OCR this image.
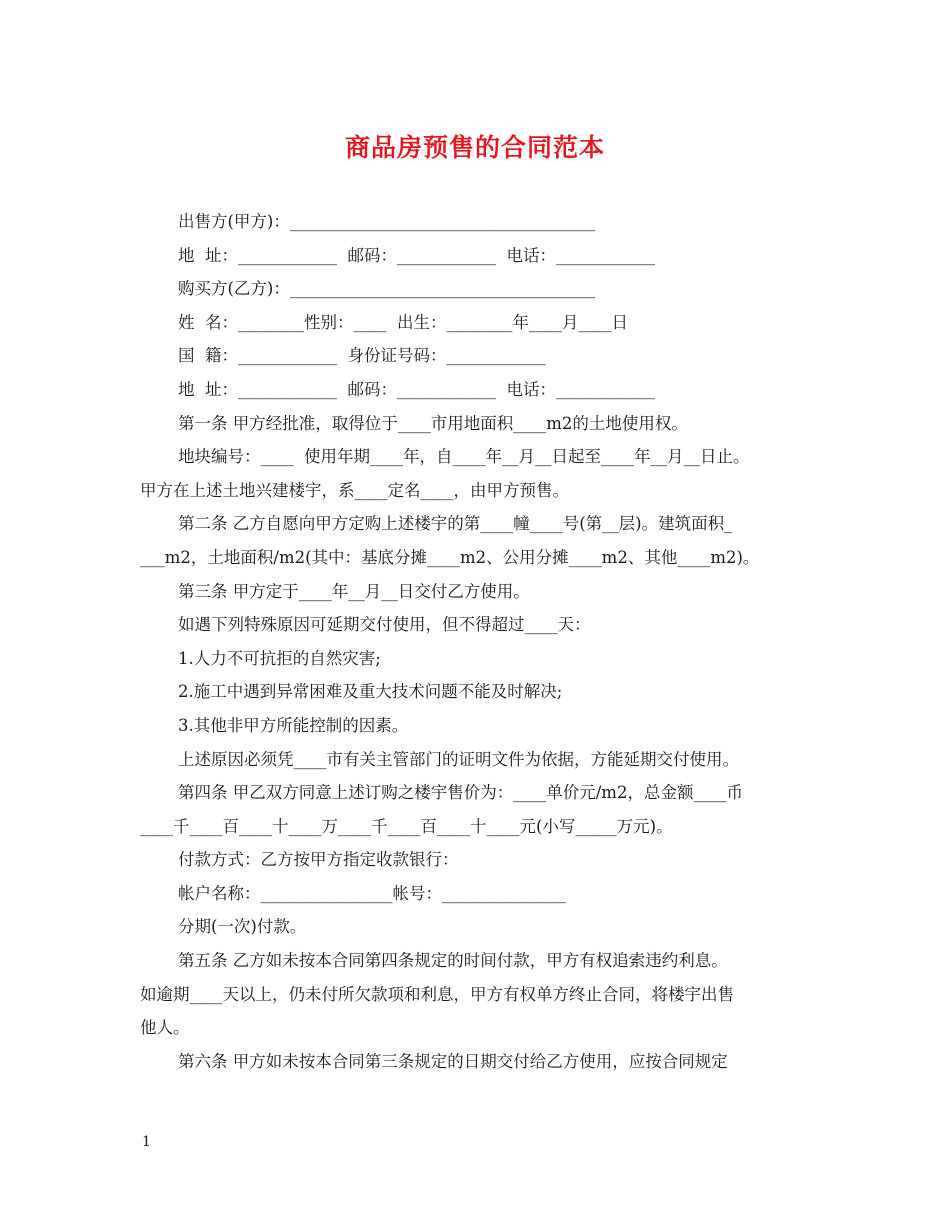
商品房预售的合同范本
出售方(甲方)：_____________________________________
地  址：____________  邮码：____________  电话：____________
购买方(乙方)：_____________________________________
姓  名：________性别：____  出生：________年____月____日
国  籍：____________  身份证号码：____________
地  址：____________  邮码：____________  电话：____________
第一条 甲方经批准，取得位于____市用地面积____m2的土地使用权。
地块编号：____  使用年期____年，自____年__月__日起至____年__月__日止。
甲方在上述土地兴建楼宇，系____定名____，由甲方预售。
第二条 乙方自愿向甲方定购上述楼宇的第____幢____号(第__层)。建筑面积_
___m2，土地面积/m2(其中：基底分摊____m2、公用分摊____m2、其他____m2)。
第三条 甲方定于____年__月__日交付乙方使用。
如遇下列特殊原因可延期交付使用，但不得超过____天：
1.人力不可抗拒的自然灾害;
2.施工中遇到异常困难及重大技术问题不能及时解决;
3.其他非甲方所能控制的因素。
上述原因必须凭____市有关主管部门的证明文件为依据，方能延期交付使用。
第四条 甲乙双方同意上述订购之楼宇售价为：____单价元/m2，总金额____币
____千____百____十____万____千____百____十____元(小写_____万元)。
付款方式：乙方按甲方指定收款银行：
帐户名称：________________帐号：_______________
分期(一次)付款。
第五条 乙方如未按本合同第四条规定的时间付款，甲方有权追索违约利息。
如逾期____天以上，仍未付所欠款项和利息，甲方有权单方终止合同，将楼宇出售
他人。
第六条 甲方如未按本合同第三条规定的日期交付给乙方使用，应按合同规定
1
